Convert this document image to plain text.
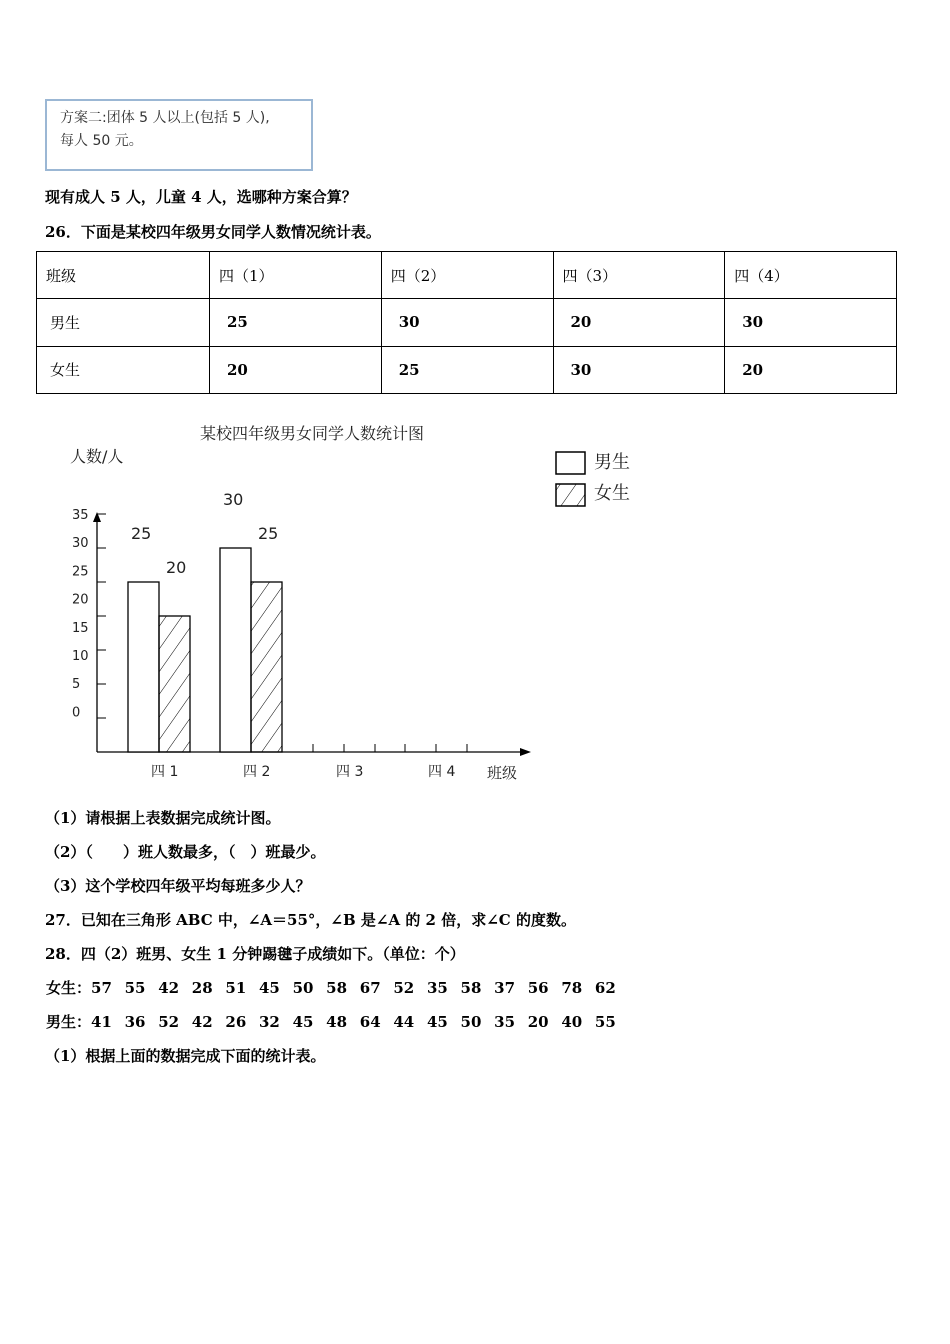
方案二:团体 5 人以上(包括 5 人),
每人 50 元。
现有成人 5 人，儿童 4 人，选哪种方案合算？
26．下面是某校四年级男女同学人数情况统计表。
班级	四（1）	四（2）	四（3）	四（4）
男生	25	30	20	30
女生	20	25	30	20
某校四年级男女同学人数统计图
人数/人	男生
女生
班级
35
30
25
20
15
10
5
0
四 1
25
20
四 2
30
25
四 3	四 4
（1）请根据上表数据完成统计图。
（2）（　　）班人数最多，（　）班最少。
（3）这个学校四年级平均每班多少人？
27．已知在三角形 ABC 中，∠A＝55°，∠B 是∠A 的 2 倍，求∠C 的度数。
28．四（2）班男、女生 1 分钟踢毽子成绩如下。（单位：个）
女生：57 55 42 28 51 45 50 58 67 52 35 58 37 56 78 62
男生：41 36 52 42 26 32 45 48 64 44 45 50 35 20 40 55
（1）根据上面的数据完成下面的统计表。
